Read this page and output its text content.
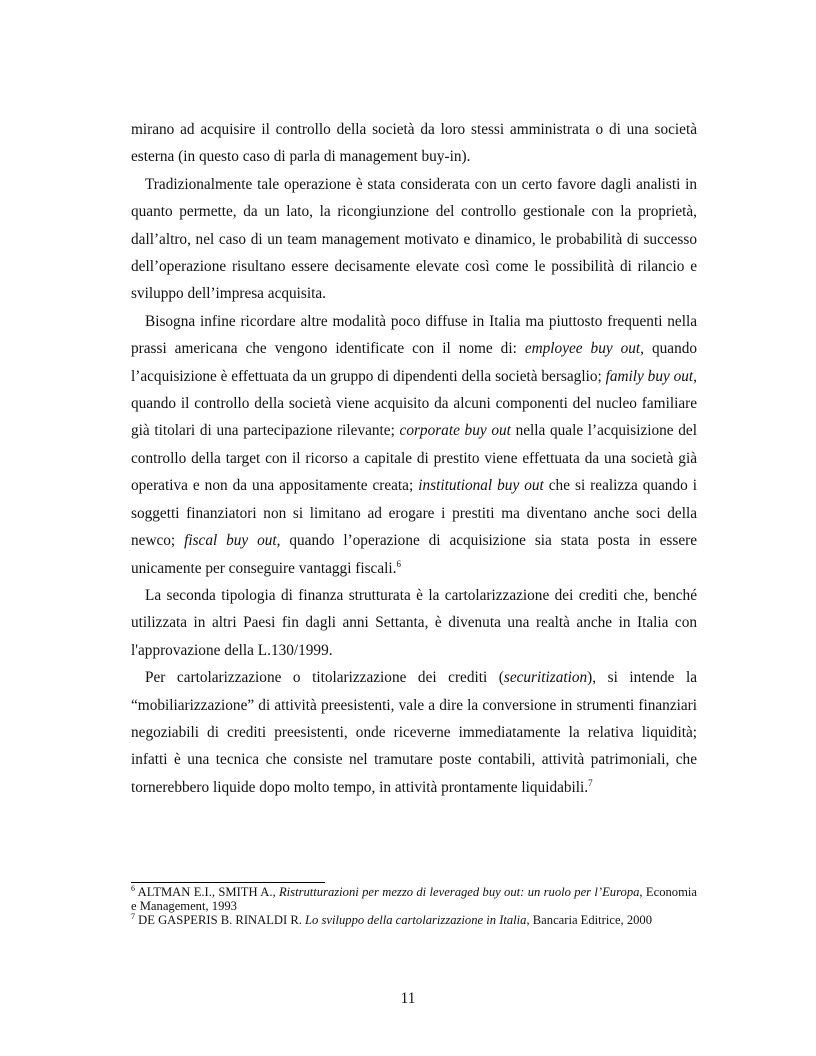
mirano ad acquisire il controllo della società da loro stessi amministrata o di una società esterna (in questo caso di parla di management buy-in).

Tradizionalmente tale operazione è stata considerata con un certo favore dagli analisti in quanto permette, da un lato, la ricongiunzione del controllo gestionale con la proprietà, dall’altro, nel caso di un team management motivato e dinamico, le probabilità di successo dell’operazione risultano essere decisamente elevate così come le possibilità di rilancio e sviluppo dell’impresa acquisita.

Bisogna infine ricordare altre modalità poco diffuse in Italia ma piuttosto frequenti nella prassi americana che vengono identificate con il nome di: employee buy out, quando l’acquisizione è effettuata da un gruppo di dipendenti della società bersaglio; family buy out, quando il controllo della società viene acquisito da alcuni componenti del nucleo familiare già titolari di una partecipazione rilevante; corporate buy out nella quale l’acquisizione del controllo della target con il ricorso a capitale di prestito viene effettuata da una società già operativa e non da una appositamente creata; institutional buy out che si realizza quando i soggetti finanziatori non si limitano ad erogare i prestiti ma diventano anche soci della newco; fiscal buy out, quando l’operazione di acquisizione sia stata posta in essere unicamente per conseguire vantaggi fiscali.$^6$

La seconda tipologia di finanza strutturata è la cartolarizzazione dei crediti che, benché utilizzata in altri Paesi fin dagli anni Settanta, è divenuta una realtà anche in Italia con l'approvazione della L.130/1999.

Per cartolarizzazione o titolarizzazione dei crediti (securitization), si intende la “mobiliarizzazione” di attività preesistenti, vale a dire la conversione in strumenti finanziari negoziabili di crediti preesistenti, onde riceverne immediatamente la relativa liquidità; infatti è una tecnica che consiste nel tramutare poste contabili, attività patrimoniali, che tornerebbero liquide dopo molto tempo, in attività prontamente liquidabili.$^7$

$^6$ ALTMAN E.I., SMITH A., Ristrutturazioni per mezzo di leveraged buy out: un ruolo per l’Europa, Economia e Management, 1993

$^7$ DE GASPERIS B. RINALDI R. Lo sviluppo della cartolarizzazione in Italia, Bancaria Editrice, 2000

11
